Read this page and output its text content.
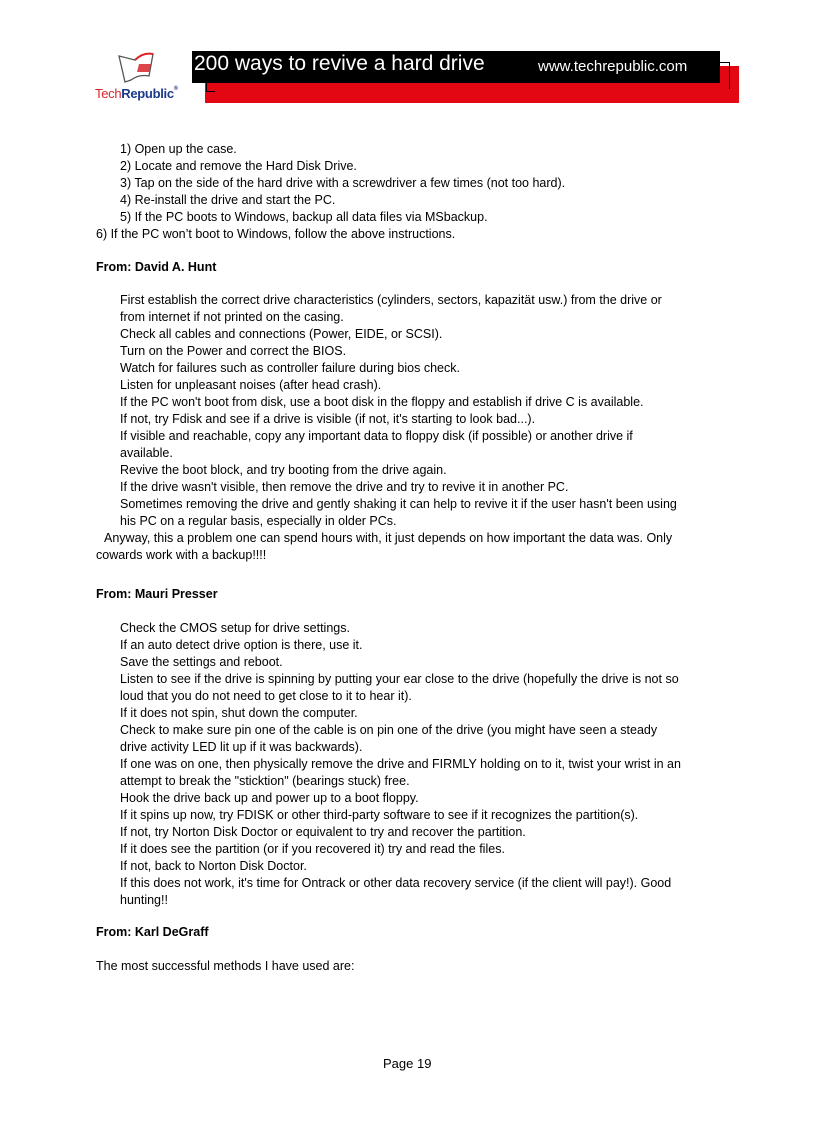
TechRepublic®
200 ways to revive a hard drive	www.techrepublic.com
1) Open up the case.
2) Locate and remove the Hard Disk Drive.
3) Tap on the side of the hard drive with a screwdriver a few times (not too hard).
4) Re-install the drive and start the PC.
5) If the PC boots to Windows, backup all data files via MSbackup.
6) If the PC won’t boot to Windows, follow the above instructions.
From: David A. Hunt
First establish the correct drive characteristics (cylinders, sectors, kapazität usw.) from the drive or
from internet if not printed on the casing.
Check all cables and connections (Power, EIDE, or SCSI).
Turn on the Power and correct the BIOS.
Watch for failures such as controller failure during bios check.
Listen for unpleasant noises (after head crash).
If the PC won't boot from disk, use a boot disk in the floppy and establish if drive C is available.
If not, try Fdisk and see if a drive is visible (if not, it's starting to look bad...).
If visible and reachable, copy any important data to floppy disk (if possible) or another drive if
available.
Revive the boot block, and try booting from the drive again.
If the drive wasn't visible, then remove the drive and try to revive it in another PC.
Sometimes removing the drive and gently shaking it can help to revive it if the user hasn't been using
his PC on a regular basis, especially in older PCs.
Anyway, this a problem one can spend hours with, it just depends on how important the data was. Only
cowards work with a backup!!!!
From: Mauri Presser
Check the CMOS setup for drive settings.
If an auto detect drive option is there, use it.
Save the settings and reboot.
Listen to see if the drive is spinning by putting your ear close to the drive (hopefully the drive is not so
loud that you do not need to get close to it to hear it).
If it does not spin, shut down the computer.
Check to make sure pin one of the cable is on pin one of the drive (you might have seen a steady
drive activity LED lit up if it was backwards).
If one was on one, then physically remove the drive and FIRMLY holding on to it, twist your wrist in an
attempt to break the "sticktion" (bearings stuck) free.
Hook the drive back up and power up to a boot floppy.
If it spins up now, try FDISK or other third-party software to see if it recognizes the partition(s).
If not, try Norton Disk Doctor or equivalent to try and recover the partition.
If it does see the partition (or if you recovered it) try and read the files.
If not, back to Norton Disk Doctor.
If this does not work, it's time for Ontrack or other data recovery service (if the client will pay!). Good
hunting!!
From: Karl DeGraff
The most successful methods I have used are:
Page 19
